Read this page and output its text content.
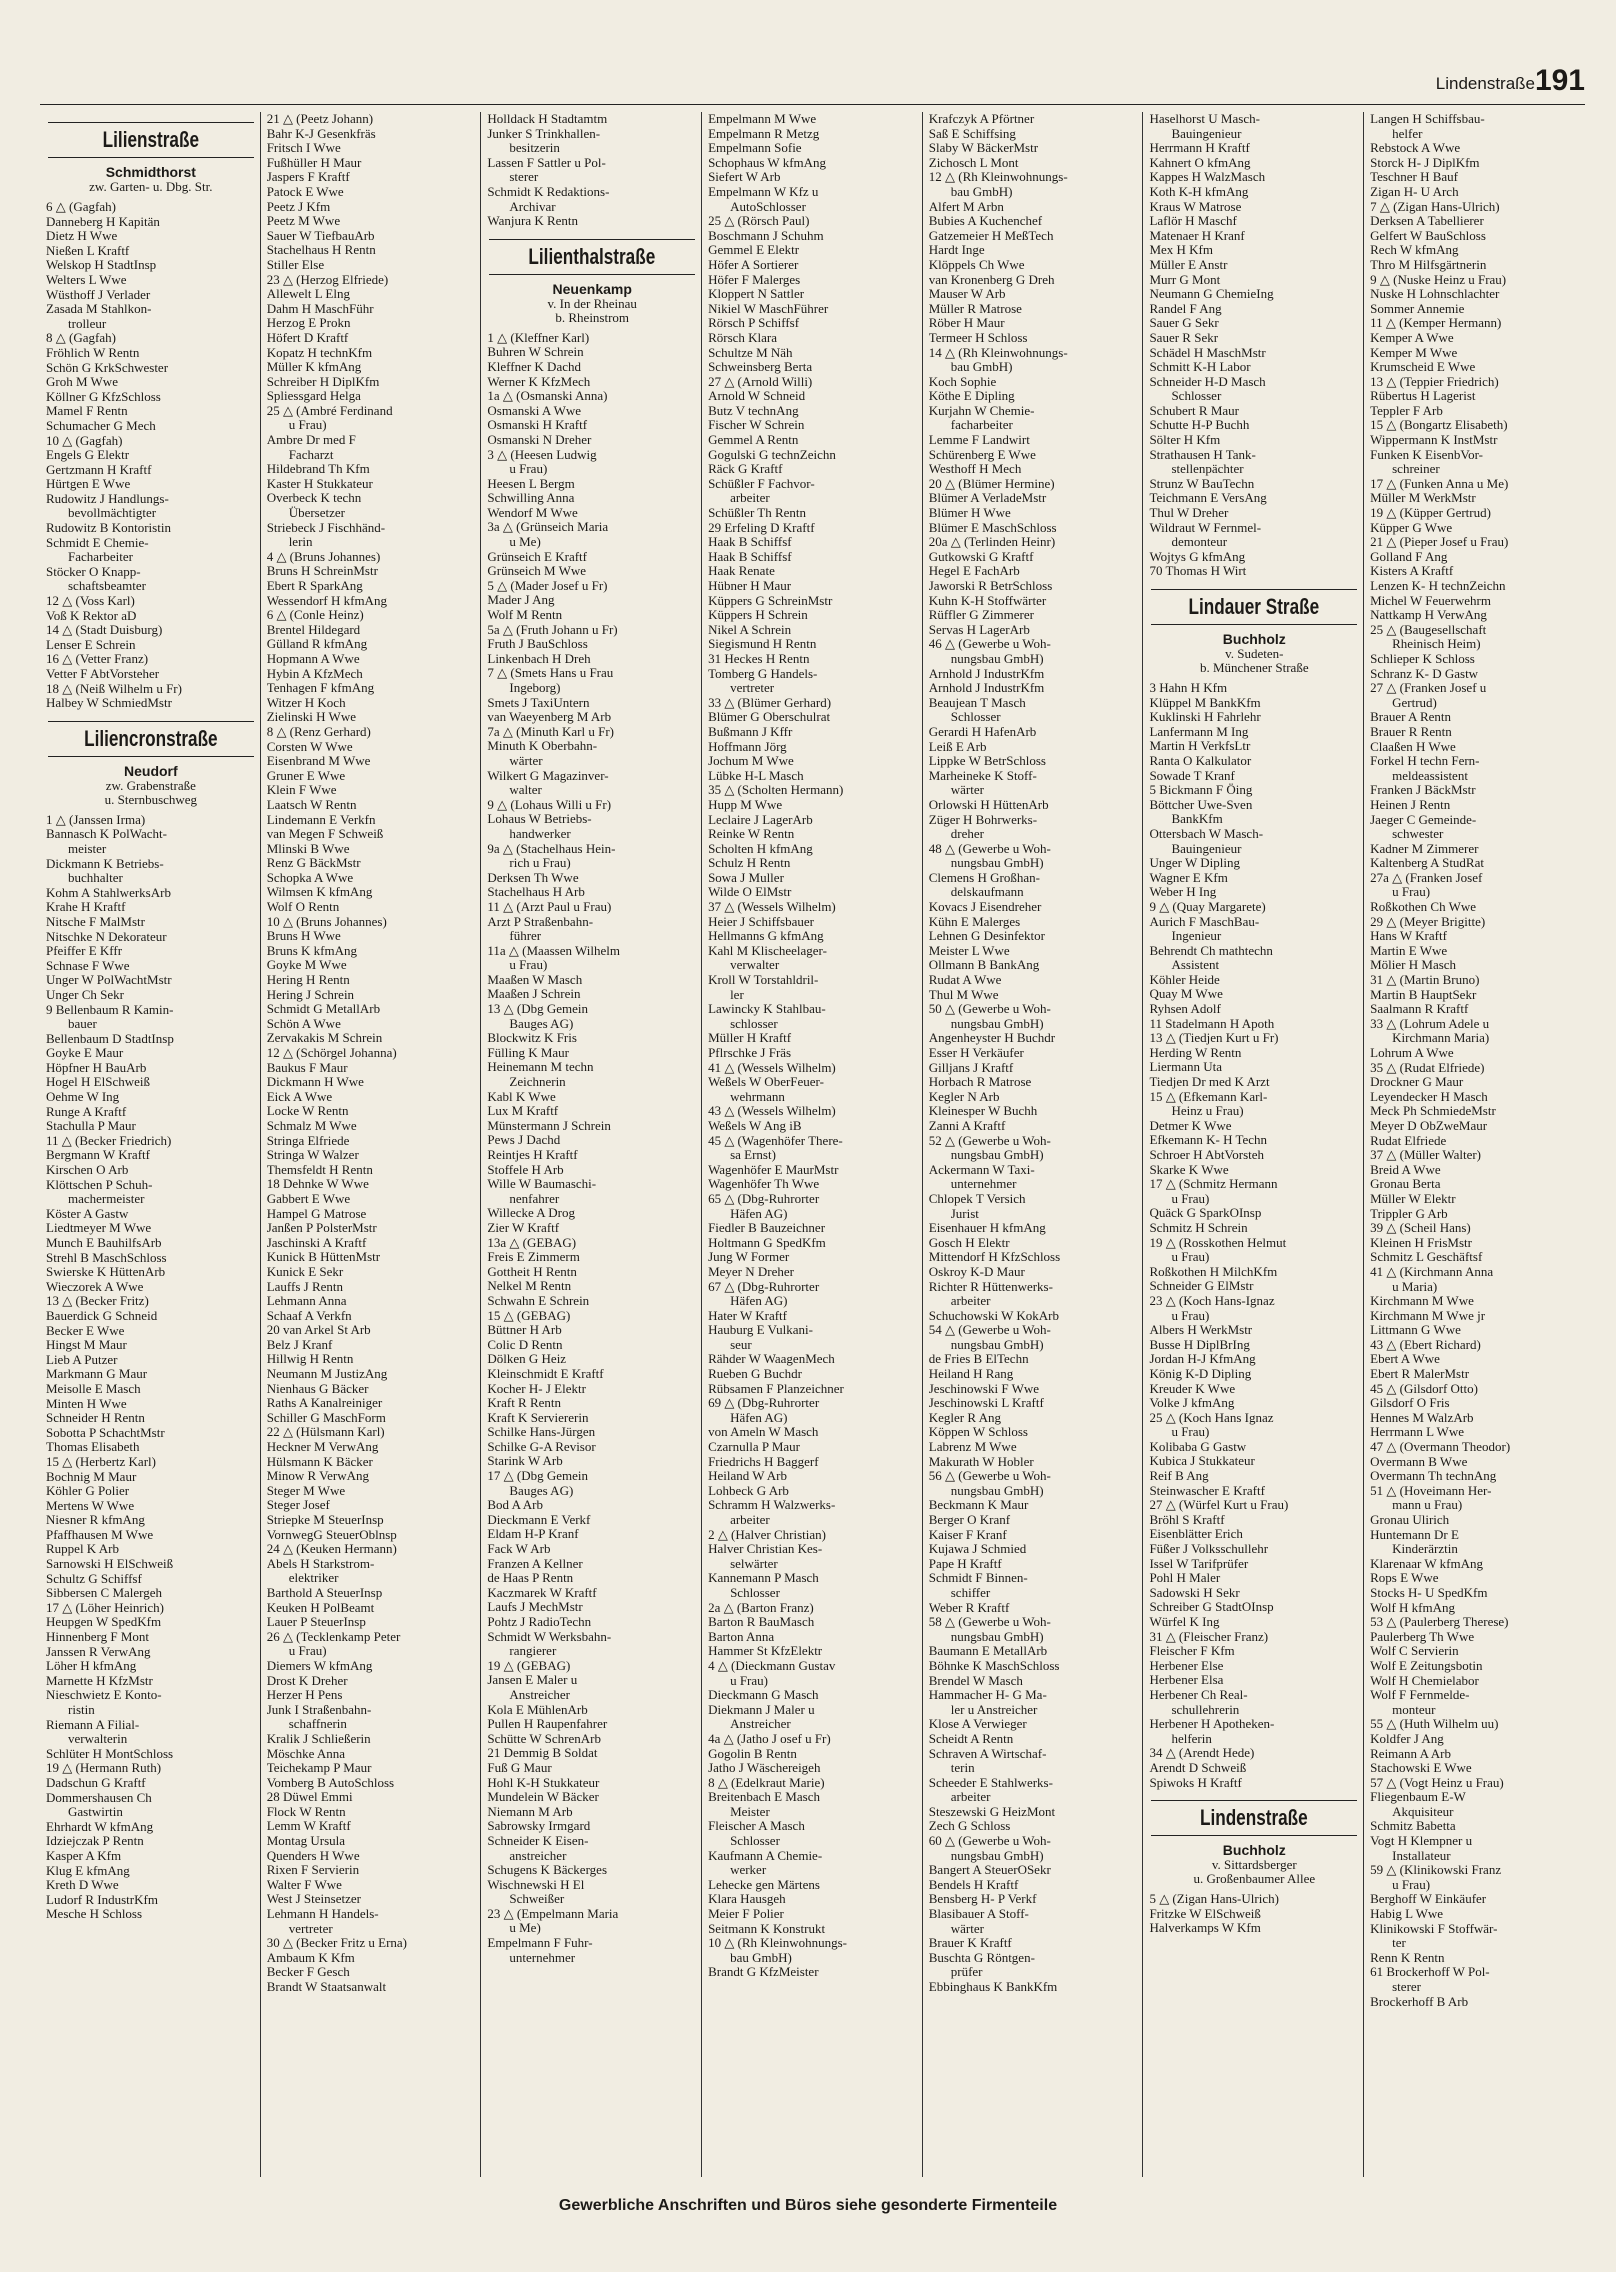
Lindenstraße 191
Lilienstraße
Schmidthorst
zw. Garten- u. Dbg. Str.
6 △ (Gagfah)
Danneberg H Kapitän
Dietz H Wwe
Nießen L Kraftf
Welskop H StadtInsp
Welters L Wwe
Wüsthoff J Verlader
Zasada M Stahlkon-
trolleur
8 △ (Gagfah)
Fröhlich W Rentn
Schön G KrkSchwester
Groh M Wwe
Köllner G KfzSchloss
Mamel F Rentn
Schumacher G Mech
10 △ (Gagfah)
Engels G Elektr
Gertzmann H Kraftf
Hürtgen E Wwe
Rudowitz J Handlungs-
bevollmächtigter
Rudowitz B Kontoristin
Schmidt E Chemie-
Facharbeiter
Stöcker O Knapp-
schaftsbeamter
12 △ (Voss Karl)
Voß K Rektor aD
14 △ (Stadt Duisburg)
Lenser E Schrein
16 △ (Vetter Franz)
Vetter F AbtVorsteher
18 △ (Neiß Wilhelm u Fr)
Halbey W SchmiedMstr
Liliencronstraße
Neudorf
zw. Grabenstraße
u. Sternbuschweg
1 △ (Janssen Irma)
Bannasch K PolWacht-
meister
Dickmann K Betriebs-
buchhalter
Kohm A StahlwerksArb
Krahe H Kraftf
Nitsche F MalMstr
Nitschke N Dekorateur
Pfeiffer E Kffr
Schnase F Wwe
Unger W PolWachtMstr
Unger Ch Sekr
9 Bellenbaum R Kamin-
bauer
Bellenbaum D StadtInsp
Goyke E Maur
Höpfner H BauArb
Hogel H ElSchweiß
Oehme W Ing
Runge A Kraftf
Stachulla P Maur
11 △ (Becker Friedrich)
Bergmann W Kraftf
Kirschen O Arb
Klöttschen P Schuh-
machermeister
Köster A Gastw
Liedtmeyer M Wwe
Munch E BauhilfsArb
Strehl B MaschSchloss
Swierske K HüttenArb
Wieczorek A Wwe
13 △ (Becker Fritz)
Bauerdick G Schneid
Becker E Wwe
Hingst M Maur
Lieb A Putzer
Markmann G Maur
Meisolle E Masch
Minten H Wwe
Schneider H Rentn
Sobotta P SchachtMstr
Thomas Elisabeth
15 △ (Herbertz Karl)
Bochnig M Maur
Köhler G Polier
Mertens W Wwe
Niesner R kfmAng
Pfaffhausen M Wwe
Ruppel K Arb
Sarnowski H ElSchweiß
Schultz G Schiffsf
Sibbersen C Malergeh
17 △ (Löher Heinrich)
Heupgen W SpedKfm
Hinnenberg F Mont
Janssen R VerwAng
Löher H kfmAng
Marnette H KfzMstr
Nieschwietz E Konto-
ristin
Riemann A Filial-
verwalterin
Schlüter H MontSchloss
19 △ (Hermann Ruth)
Dadschun G Kraftf
Dommershausen Ch
Gastwirtin
Ehrhardt W kfmAng
Idziejczak P Rentn
Kasper A Kfm
Klug E kfmAng
Kreth D Wwe
Ludorf R IndustrKfm
Mesche H Schloss
21 △ (Peetz Johann)
Bahr K-J Gesenkfräs
Fritsch I Wwe
Fußhüller H Maur
Jaspers F Kraftf
Patock E Wwe
Peetz J Kfm
Peetz M Wwe
Sauer W TiefbauArb
Stachelhaus H Rentn
Stiller Else
23 △ (Herzog Elfriede)
Allewelt L Elng
Dahm H MaschFühr
Herzog E Prokn
Höfert D Kraftf
Kopatz H technKfm
Müller K kfmAng
Schreiber H DiplKfm
Spliessgard Helga
25 △ (Ambré Ferdinand
u Frau)
Ambre Dr med F
Facharzt
Hildebrand Th Kfm
Kaster H Stukkateur
Overbeck K techn
Übersetzer
Striebeck J Fischhänd-
lerin
4 △ (Bruns Johannes)
Bruns H SchreinMstr
Ebert R SparkAng
Wessendorf H kfmAng
6 △ (Conle Heinz)
Brentel Hildegard
Gülland R kfmAng
Hopmann A Wwe
Hybin A KfzMech
Tenhagen F kfmAng
Witzer H Koch
Zielinski H Wwe
8 △ (Renz Gerhard)
Corsten W Wwe
Eisenbrand M Wwe
Gruner E Wwe
Klein F Wwe
Laatsch W Rentn
Lindemann E Verkfn
van Megen F Schweiß
Mlinski B Wwe
Renz G BäckMstr
Schopka A Wwe
Wilmsen K kfmAng
Wolf O Rentn
10 △ (Bruns Johannes)
Bruns H Wwe
Bruns K kfmAng
Goyke M Wwe
Hering H Rentn
Hering J Schrein
Schmidt G MetallArb
Schön A Wwe
Zervakakis M Schrein
12 △ (Schörgel Johanna)
Baukus F Maur
Dickmann H Wwe
Eick A Wwe
Locke W Rentn
Schmalz M Wwe
Stringa Elfriede
Stringa W Walzer
Themsfeldt H Rentn
18 Dehnke W Wwe
Gabbert E Wwe
Hampel G Matrose
Janßen P PolsterMstr
Jaschinski A Kraftf
Kunick B HüttenMstr
Kunick E Sekr
Lauffs J Rentn
Lehmann Anna
Schaaf A Verkfn
20 van Arkel St Arb
Belz J Kranf
Hillwig H Rentn
Neumann M JustizAng
Nienhaus G Bäcker
Raths A Kanalreiniger
Schiller G MaschForm
22 △ (Hülsmann Karl)
Heckner M VerwAng
Hülsmann K Bäcker
Minow R VerwAng
Steger M Wwe
Steger Josef
Striepke M SteuerInsp
VornwegG SteuerOblnsp
24 △ (Keuken Hermann)
Abels H Starkstrom-
elektriker
Barthold A SteuerInsp
Keuken H PolBeamt
Lauer P SteuerInsp
26 △ (Tecklenkamp Peter
u Frau)
Diemers W kfmAng
Drost K Dreher
Herzer H Pens
Junk I Straßenbahn-
schaffnerin
Kralik J Schließerin
Möschke Anna
Teichekamp P Maur
Vomberg B AutoSchloss
28 Düwel Emmi
Flock W Rentn
Lemm W Kraftf
Montag Ursula
Quenders H Wwe
Rixen F Servierin
Walter F Wwe
West J Steinsetzer
Lehmann H Handels-
vertreter
30 △ (Becker Fritz u Erna)
Ambaum K Kfm
Becker F Gesch
Brandt W Staatsanwalt
Holldack H Stadtamtm
Junker S Trinkhallen-
besitzerin
Lassen F Sattler u Pol-
sterer
Schmidt K Redaktions-
Archivar
Wanjura K Rentn
Lilienthalstraße
Neuenkamp
v. In der Rheinau
b. Rheinstrom
1 △ (Kleffner Karl)
Buhren W Schrein
Kleffner K Dachd
Werner K KfzMech
1a △ (Osmanski Anna)
Osmanski A Wwe
Osmanski H Kraftf
Osmanski N Dreher
3 △ (Heesen Ludwig
u Frau)
Heesen L Bergm
Schwilling Anna
Wendorf M Wwe
3a △ (Grünseich Maria
u Me)
Grünseich E Kraftf
Grünseich M Wwe
5 △ (Mader Josef u Fr)
Mader J Ang
Wolf M Rentn
5a △ (Fruth Johann u Fr)
Fruth J BauSchloss
Linkenbach H Dreh
7 △ (Smets Hans u Frau
Ingeborg)
Smets J TaxiUntern
van Waeyenberg M Arb
7a △ (Minuth Karl u Fr)
Minuth K Oberbahn-
wärter
Wilkert G Magazinver-
walter
9 △ (Lohaus Willi u Fr)
Lohaus W Betriebs-
handwerker
9a △ (Stachelhaus Hein-
rich u Frau)
Derksen Th Wwe
Stachelhaus H Arb
11 △ (Arzt Paul u Frau)
Arzt P Straßenbahn-
führer
11a △ (Maassen Wilhelm
u Frau)
Maaßen W Masch
Maaßen J Schrein
13 △ (Dbg Gemein
Bauges AG)
Blockwitz K Fris
Fülling K Maur
Heinemann M techn
Zeichnerin
Kabl K Wwe
Lux M Kraftf
Münstermann J Schrein
Pews J Dachd
Reintjes H Kraftf
Stoffele H Arb
Wille W Baumaschi-
nenfahrer
Willecke A Drog
Zier W Kraftf
13a △ (GEBAG)
Freis E Zimmerm
Gottheit H Rentn
Nelkel M Rentn
Schwahn E Schrein
15 △ (GEBAG)
Büttner H Arb
Colic D Rentn
Dölken G Heiz
Kleinschmidt E Kraftf
Kocher H- J Elektr
Kraft R Rentn
Kraft K Serviererin
Schilke Hans-Jürgen
Schilke G-A Revisor
Starink W Arb
17 △ (Dbg Gemein
Bauges AG)
Bod A Arb
Dieckmann E Verkf
Eldam H-P Kranf
Fack W Arb
Franzen A Kellner
de Haas P Rentn
Kaczmarek W Kraftf
Laufs J MechMstr
Pohtz J RadioTechn
Schmidt W Werksbahn-
rangierer
19 △ (GEBAG)
Jansen E Maler u
Anstreicher
Kola E MühlenArb
Pullen H Raupenfahrer
Schütte W SchrenArb
21 Demmig B Soldat
Fuß G Maur
Hohl K-H Stukkateur
Mundelein W Bäcker
Niemann M Arb
Sabrowsky Irmgard
Schneider K Eisen-
anstreicher
Schugens K Bäckerges
Wischnewski H El
Schweißer
23 △ (Empelmann Maria
u Me)
Empelmann F Fuhr-
unternehmer
Empelmann M Wwe
Empelmann R Metzg
Empelmann Sofie
Schophaus W kfmAng
Siefert W Arb
Empelmann W Kfz u
AutoSchlosser
25 △ (Rörsch Paul)
Boschmann J Schuhm
Gemmel E Elektr
Höfer A Sortierer
Höfer F Malerges
Kloppert N Sattler
Nikiel W MaschFührer
Rörsch P Schiffsf
Rörsch Klara
Schultze M Näh
Schweinsberg Berta
27 △ (Arnold Willi)
Arnold W Schneid
Butz V technAng
Fischer W Schrein
Gemmel A Rentn
Gogulski G technZeichn
Räck G Kraftf
Schüßler F Fachvor-
arbeiter
Schüßler Th Rentn
29 Erfeling D Kraftf
Haak B Schiffsf
Haak B Schiffsf
Haak Renate
Hübner H Maur
Küppers G SchreinMstr
Küppers H Schrein
Nikel A Schrein
Siegismund H Rentn
31 Heckes H Rentn
Tomberg G Handels-
vertreter
33 △ (Blümer Gerhard)
Blümer G Oberschulrat
Bußmann J Kffr
Hoffmann Jörg
Jochum M Wwe
Lübke H-L Masch
35 △ (Scholten Hermann)
Hupp M Wwe
Leclaire J LagerArb
Reinke W Rentn
Scholten H kfmAng
Schulz H Rentn
Sowa J Muller
Wilde O ElMstr
37 △ (Wessels Wilhelm)
Heier J Schiffsbauer
Hellmanns G kfmAng
Kahl M Klischeelager-
verwalter
Kroll W Torstahldril-
ler
Lawincky K Stahlbau-
schlosser
Müller H Kraftf
Pflrschke J Fräs
41 △ (Wessels Wilhelm)
Weßels W OberFeuer-
wehrmann
43 △ (Wessels Wilhelm)
Weßels W Ang iB
45 △ (Wagenhöfer There-
sa Ernst)
Wagenhöfer E MaurMstr
Wagenhöfer Th Wwe
65 △ (Dbg-Ruhrorter
Häfen AG)
Fiedler B Bauzeichner
Holtmann G SpedKfm
Jung W Former
Meyer N Dreher
67 △ (Dbg-Ruhrorter
Häfen AG)
Hater W Kraftf
Hauburg E Vulkani-
seur
Rähder W WaagenMech
Rueben G Buchdr
Rübsamen F Planzeichner
69 △ (Dbg-Ruhrorter
Häfen AG)
von Ameln W Masch
Czarnulla P Maur
Friedrichs H Baggerf
Heiland W Arb
Lohbeck G Arb
Schramm H Walzwerks-
arbeiter
2 △ (Halver Christian)
Halver Christian Kes-
selwärter
Kannemann P Masch
Schlosser
2a △ (Barton Franz)
Barton R BauMasch
Barton Anna
Hammer St KfzElektr
4 △ (Dieckmann Gustav
u Frau)
Dieckmann G Masch
Diekmann J Maler u
Anstreicher
4a △ (Jatho J osef u Fr)
Gogolin B Rentn
Jatho J Wäschereigeh
8 △ (Edelkraut Marie)
Breitenbach E Masch
Meister
Fleischer A Masch
Schlosser
Kaufmann A Chemie-
werker
Lehecke gen Märtens
Klara Hausgeh
Meier F Polier
Seitmann K Konstrukt
10 △ (Rh Kleinwohnungs-
bau GmbH)
Brandt G KfzMeister
Krafczyk A Pförtner
Saß E Schiffsing
Slaby W BäckerMstr
Zichosch L Mont
12 △ (Rh Kleinwohnungs-
bau GmbH)
Alfert M Arbn
Bubies A Kuchenchef
Gatzemeier H MeßTech
Hardt Inge
Klöppels Ch Wwe
van Kronenberg G Dreh
Mauser W Arb
Müller R Matrose
Röber H Maur
Termeer H Schloss
14 △ (Rh Kleinwohnungs-
bau GmbH)
Koch Sophie
Köthe E Dipling
Kurjahn W Chemie-
facharbeiter
Lemme F Landwirt
Schürenberg E Wwe
Westhoff H Mech
20 △ (Blümer Hermine)
Blümer A VerladeMstr
Blümer H Wwe
Blümer E MaschSchloss
20a △ (Terlinden Heinr)
Gutkowski G Kraftf
Hegel E FachArb
Jaworski R BetrSchloss
Kuhn K-H Stoffwärter
Rüffler G Zimmerer
Servas H LagerArb
46 △ (Gewerbe u Woh-
nungsbau GmbH)
Arnhold J IndustrKfm
Arnhold J IndustrKfm
Beaujean T Masch
Schlosser
Gerardi H HafenArb
Leiß E Arb
Lippke W BetrSchloss
Marheineke K Stoff-
wärter
Orlowski H HüttenArb
Züger H Bohrwerks-
dreher
48 △ (Gewerbe u Woh-
nungsbau GmbH)
Clemens H Großhan-
delskaufmann
Kovacs J Eisendreher
Kühn E Malerges
Lehnen G Desinfektor
Meister L Wwe
Ollmann B BankAng
Rudat A Wwe
Thul M Wwe
50 △ (Gewerbe u Woh-
nungsbau GmbH)
Angenheyster H Buchdr
Esser H Verkäufer
Gilljans J Kraftf
Horbach R Matrose
Kegler N Arb
Kleinesper W Buchh
Zanni A Kraftf
52 △ (Gewerbe u Woh-
nungsbau GmbH)
Ackermann W Taxi-
unternehmer
Chlopek T Versich
Jurist
Eisenhauer H kfmAng
Gosch H Elektr
Mittendorf H KfzSchloss
Oskroy K-D Maur
Richter R Hüttenwerks-
arbeiter
Schuchowski W KokArb
54 △ (Gewerbe u Woh-
nungsbau GmbH)
de Fries B ElTechn
Heiland H Rang
Jeschinowski F Wwe
Jeschinowski L Kraftf
Kegler R Ang
Köppen W Schloss
Labrenz M Wwe
Makurath W Hobler
56 △ (Gewerbe u Woh-
nungsbau GmbH)
Beckmann K Maur
Berger O Kranf
Kaiser F Kranf
Kujawa J Schmied
Pape H Kraftf
Schmidt F Binnen-
schiffer
Weber R Kraftf
58 △ (Gewerbe u Woh-
nungsbau GmbH)
Baumann E MetallArb
Böhnke K MaschSchloss
Brendel W Masch
Hammacher H- G Ma-
ler u Anstreicher
Klose A Verwieger
Scheidt A Rentn
Schraven A Wirtschaf-
terin
Scheeder E Stahlwerks-
arbeiter
Steszewski G HeizMont
Zech G Schloss
60 △ (Gewerbe u Woh-
nungsbau GmbH)
Bangert A SteuerOSekr
Bendels H Kraftf
Bensberg H- P Verkf
Blasibauer A Stoff-
wärter
Brauer K Kraftf
Buschta G Röntgen-
prüfer
Ebbinghaus K BankKfm
Haselhorst U Masch-
Bauingenieur
Herrmann H Kraftf
Kahnert O kfmAng
Kappes H WalzMasch
Koth K-H kfmAng
Kraus W Matrose
Laflör H Maschf
Matenaer H Kranf
Mex H Kfm
Müller E Anstr
Murr G Mont
Neumann G ChemieIng
Randel F Ang
Sauer G Sekr
Sauer R Sekr
Schädel H MaschMstr
Schmitt K-H Labor
Schneider H-D Masch
Schlosser
Schubert R Maur
Schutte H-P Buchh
Sölter H Kfm
Strathausen H Tank-
stellenpächter
Strunz W BauTechn
Teichmann E VersAng
Thul W Dreher
Wildraut W Fernmel-
demonteur
Wojtys G kfmAng
70 Thomas H Wirt
Lindauer Straße
Buchholz
v. Sudeten-
b. Münchener Straße
3 Hahn H Kfm
Klüppel M BankKfm
Kuklinski H Fahrlehr
Lanfermann M Ing
Martin H VerkfsLtr
Ranta O Kalkulator
Sowade T Kranf
5 Bickmann F Öing
Böttcher Uwe-Sven
BankKfm
Ottersbach W Masch-
Bauingenieur
Unger W Dipling
Wagner E Kfm
Weber H Ing
9 △ (Quay Margarete)
Aurich F MaschBau-
Ingenieur
Behrendt Ch mathtechn
Assistent
Köhler Heide
Quay M Wwe
Ryhsen Adolf
11 Stadelmann H Apoth
13 △ (Tiedjen Kurt u Fr)
Herding W Rentn
Liermann Uta
Tiedjen Dr med K Arzt
15 △ (Efkemann Karl-
Heinz u Frau)
Detmer K Wwe
Efkemann K- H Techn
Schroer H AbtVorsteh
Skarke K Wwe
17 △ (Schmitz Hermann
u Frau)
Quäck G SparkOInsp
Schmitz H Schrein
19 △ (Rosskothen Helmut
u Frau)
Roßkothen H MilchKfm
Schneider G ElMstr
23 △ (Koch Hans-Ignaz
u Frau)
Albers H WerkMstr
Busse H DiplBrIng
Jordan H-J KfmAng
König K-D Dipling
Kreuder K Wwe
Volke J kfmAng
25 △ (Koch Hans Ignaz
u Frau)
Kolibaba G Gastw
Kubica J Stukkateur
Reif B Ang
Steinwascher E Kraftf
27 △ (Würfel Kurt u Frau)
Bröhl S Kraftf
Eisenblätter Erich
Füßer J Volksschullehr
Issel W Tarifprüfer
Pohl H Maler
Sadowski H Sekr
Schreiber G StadtOInsp
Würfel K Ing
31 △ (Fleischer Franz)
Fleischer F Kfm
Herbener Else
Herbener Elsa
Herbener Ch Real-
schullehrerin
Herbener H Apotheken-
helferin
34 △ (Arendt Hede)
Arendt D Schweiß
Spiwoks H Kraftf
Lindenstraße
Buchholz
v. Sittardsberger
u. Großenbaumer Allee
5 △ (Zigan Hans-Ulrich)
Fritzke W ElSchweiß
Halverkamps W Kfm
Langen H Schiffsbau-
helfer
Rebstock A Wwe
Storck H- J DiplKfm
Teschner H Bauf
Zigan H- U Arch
7 △ (Zigan Hans-Ulrich)
Derksen A Tabellierer
Gelfert W BauSchloss
Rech W kfmAng
Thro M Hilfsgärtnerin
9 △ (Nuske Heinz u Frau)
Nuske H Lohnschlachter
Sommer Annemie
11 △ (Kemper Hermann)
Kemper A Wwe
Kemper M Wwe
Krumscheid E Wwe
13 △ (Teppier Friedrich)
Rübertus H Lagerist
Teppler F Arb
15 △ (Bongartz Elisabeth)
Wippermann K InstMstr
Funken K EisenbVor-
schreiner
17 △ (Funken Anna u Me)
Müller M WerkMstr
19 △ (Küpper Gertrud)
Küpper G Wwe
21 △ (Pieper Josef u Frau)
Golland F Ang
Kisters A Kraftf
Lenzen K- H technZeichn
Michel W Feuerwehrm
Nattkamp H VerwAng
25 △ (Baugesellschaft
Rheinisch Heim)
Schlieper K Schloss
Schranz K- D Gastw
27 △ (Franken Josef u
Gertrud)
Brauer A Rentn
Brauer R Rentn
Claaßen H Wwe
Forkel H techn Fern-
meldeassistent
Franken J BäckMstr
Heinen J Rentn
Jaeger C Gemeinde-
schwester
Kadner M Zimmerer
Kaltenberg A StudRat
27a △ (Franken Josef
u Frau)
Roßkothen Ch Wwe
29 △ (Meyer Brigitte)
Hans W Kraftf
Martin E Wwe
Mölier H Masch
31 △ (Martin Bruno)
Martin B HauptSekr
Saalmann R Kraftf
33 △ (Lohrum Adele u
Kirchmann Maria)
Lohrum A Wwe
35 △ (Rudat Elfriede)
Drockner G Maur
Leyendecker H Masch
Meck Ph SchmiedeMstr
Meyer D ObZweMaur
Rudat Elfriede
37 △ (Müller Walter)
Breid A Wwe
Gronau Berta
Müller W Elektr
Trippler G Arb
39 △ (Scheil Hans)
Kleinen H FrisMstr
Schmitz L Geschäftsf
41 △ (Kirchmann Anna
u Maria)
Kirchmann M Wwe
Kirchmann M Wwe jr
Littmann G Wwe
43 △ (Ebert Richard)
Ebert A Wwe
Ebert R MalerMstr
45 △ (Gilsdorf Otto)
Gilsdorf O Fris
Hennes M WalzArb
Herrmann L Wwe
47 △ (Overmann Theodor)
Overmann B Wwe
Overmann Th technAng
51 △ (Hoveimann Her-
mann u Frau)
Gronau Ulirich
Huntemann Dr E
Kinderärztin
Klarenaar W kfmAng
Rops E Wwe
Stocks H- U SpedKfm
Wolf H kfmAng
53 △ (Paulerberg Therese)
Paulerberg Th Wwe
Wolf C Servierin
Wolf E Zeitungsbotin
Wolf H Chemielabor
Wolf F Fernmelde-
monteur
55 △ (Huth Wilhelm uu)
Koldfer J Ang
Reimann A Arb
Stachowski E Wwe
57 △ (Vogt Heinz u Frau)
Fliegenbaum E-W
Akquisiteur
Schmitz Babetta
Vogt H Klempner u
Installateur
59 △ (Klinikowski Franz
u Frau)
Berghoff W Einkäufer
Habig L Wwe
Klinikowski F Stoffwär-
ter
Renn K Rentn
61 Brockerhoff W Pol-
sterer
Brockerhoff B Arb
Gewerbliche Anschriften und Büros siehe gesonderte Firmenteile
